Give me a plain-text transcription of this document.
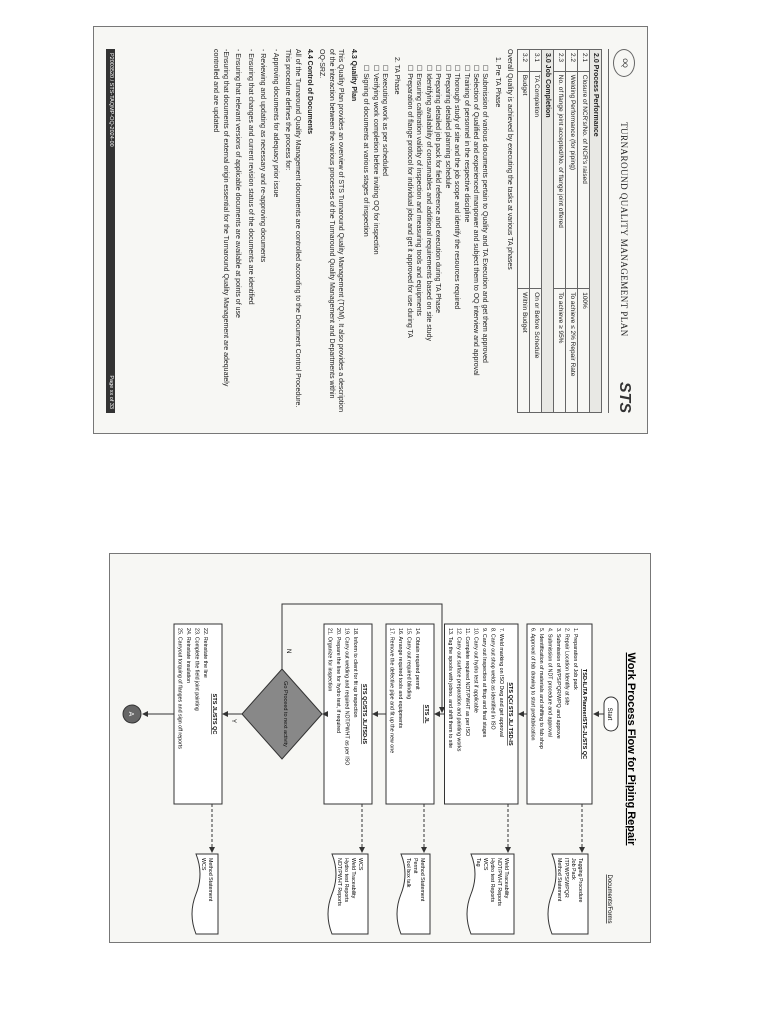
OQ
TURNAROUND QUALITY MANAGEMENT PLAN
STS
2.0 Process Performance		
2.1	Closure of NCR's/No. of NCR's raised	100%
2.2	Welding Performance (for piping)	To achieve ≤ 2% Repair Rate
2.3	No. of flange joint accepted/No. of flange joint offered	To achieve ≥ 95%
3.0 Job Completion		
3.1	TA Completion	On or Before Schedule
3.2	Budget	Within Budget
Overall Quality is achieved by executing the tasks at various TA phases
1. Pre TA Phase
☐ Submission of various documents pertain to Quality and TA Execution and get them approved
☐ Selection of Qualified and experienced manpower and subject them to OQ interview and approval
☐ Training of personnel in the respective discipline
☐ Thorough study of site and the job scope and identify the resources required
☐ Preparing detailed planning schedule
☐ Preparing detailed job pack for field reference and execution during TA Phase
☐ Identifying availability of consumables and additional requirements based on site study
☐ Ensuring calibration validity of inspection and measuring tools and equipments
☐ Preparation of flange protocol for individual jobs and get it approved for use during TA
2. TA Phase
☐ Executing work as per scheduled
☐ Verifying work completion before inviting OQ for inspection
☐ Signing of documents at various stages of inspection
4.3 Quality Plan
This Quality Plan provides an overview of STS Turnaround Quality Management (TQM). It also provides a description of the interaction between the various processes of the Turnaround Quality Management and Departments within OQ-SRZ.
4.4 Control of Documents
All of the Turnaround Quality Management documents are controlled according to the Document Control Procedure. This procedure defines the process for:
- Approving documents for adequacy prior issue
- Reviewing and updating as necessary and re-approving documents
- Ensuring that changes and current revision status of the documents are identified
- Ensuring that relevant versions of applicable documents are available at points of use
-Ensuring that documents of external origin essential for the Turnaround Quality Management are adequately controlled and are updated
P2003520 / STS-TAQMP-OQ-2024-00
Page xx of 33
Work Process Flow for Piping Repair
Documents/Forms
Start
TSD-IL/TA Planner/STS-JL/STS QC
1. Preparation of Job pack
2. Repair Location Identify at site
3. Submission of WPS/PQR/WPQ and approve
4. Submission of NDT procedure and approval
5. Identification of materials and shifting to fab shop
6. Approval of fab drawing to start prefabrication
Tagging Procedure
Job Pack
ITP/WPS/WPQR
Method Statement
STS QC/ STS JL/ TSD-IS
7. Weld marking on ISO Dwg and get approval
8. Carry out shop welds as identified in ISO
9. Carry out Inspection at fitup and final stages
10. Carry out hydro test if applicable
11. Complete required NDT/PWHT as per ISO
12. Carry out surface preparation and painting works
13. Tag the spools with jobno. and shift them to site
Weld Traceability
NDT/PWHT Reports
Hydro test Reports
WCS
Tag
STS JL
14. Obtain required permit
15. Carry out required blinding
16. Arrange required tools and equipments
17. Remove the defective pipe and fit up the new one
Method Statement
Permit
Tool box talk
STS QC/STS JL/TSD-IS
18. Inform to client for fit up inspection
19. Carry out welding and required NDT/PWHT as per ISO
20. Prepare the line for hydro test, if required
21. Organize for inspection
WCS
Weld Traceability
Hydro test Reports
NDT/PWHT Reports
STS JL/STS QC
22. Reinstate the line
23. Complete the field joint painting
24. Reinstate insulation
25. Carryout torquing of flanges and sign off reports
Method Statement
WCS
Go Proceed to next activity
Y
N
A
